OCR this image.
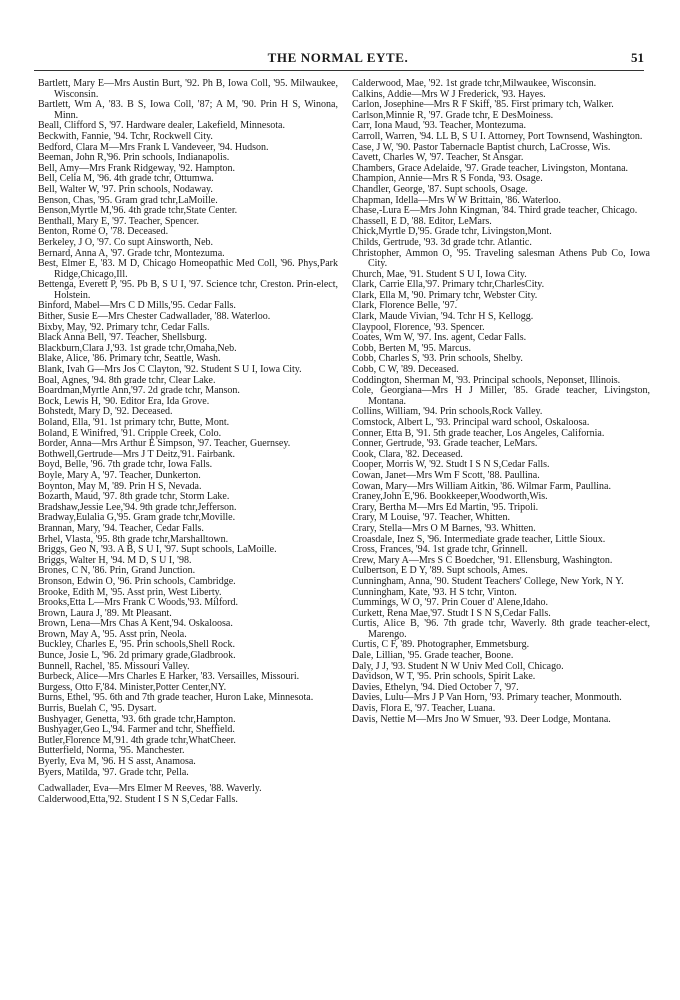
THE NORMAL EYTE.	51

Bartlett, Mary E—Mrs Austin Burt, '92. Ph B, Iowa Coll, '95. Milwaukee, Wisconsin.

Bartlett, Wm A, '83. B S, Iowa Coll, '87; A M, '90. Prin H S, Winona, Minn.

Beall, Clifford S, '97. Hardware dealer, Lakefield, Minnesota.

Beckwith, Fannie, '94. Tchr, Rockwell City.

Bedford, Clara M—Mrs Frank L Vandeveer, '94. Hudson.

Beeman, John R,'96. Prin schools, Indianapolis.

Bell, Amy—Mrs Frank Ridgeway, '92. Hampton.

Bell, Celia M, '96. 4th grade tchr, Ottumwa.

Bell, Walter W, '97. Prin schools, Nodaway.

Benson, Chas, '95. Gram grad tchr,LaMoille.

Benson,Myrtle M,'96. 4th grade tchr,State Center.

Benthall, Mary E, '97. Teacher, Spencer.

Benton, Rome O, '78. Deceased.

Berkeley, J O, '97. Co supt Ainsworth, Neb.

Bernard, Anna A, '97. Grade tchr, Montezuma.

Best, Elmer E, '83. M D, Chicago Homeopathic Med Coll, '96. Phys,Park Ridge,Chicago,Ill.

Bettenga, Everett P, '95. Pb B, S U I, '97. Science tchr, Creston. Prin-elect, Holstein.

Binford, Mabel—Mrs C D Mills,'95. Cedar Falls.

Bither, Susie E—Mrs Chester Cadwallader, '88. Waterloo.

Bixby, May, '92. Primary tchr, Cedar Falls.

Black Anna Bell, '97. Teacher, Shellsburg.

Blackburn,Clara J,'93. 1st grade tchr,Omaha,Neb.

Blake, Alice, '86. Primary tchr, Seattle, Wash.

Blank, Ivah G—Mrs Jos C Clayton, '92. Student S U I, Iowa City.

Boal, Agnes, '94. 8th grade tchr, Clear Lake.

Boardman,Myrtle Ann,'97. 2d grade tchr, Manson.

Bock, Lewis H, '90. Editor Era, Ida Grove.

Bohstedt, Mary D, '92. Deceased.

Boland, Ella, '91. 1st primary tchr, Butte, Mont.

Boland, E Winifred, '91. Cripple Creek, Colo.

Border, Anna—Mrs Arthur E Simpson, '97. Teacher, Guernsey.

Bothwell,Gertrude—Mrs J T Deitz,'91. Fairbank.

Boyd, Belle, '96. 7th grade tchr, Iowa Falls.

Boyle, Mary A, '97. Teacher, Dunkerton.

Boynton, May M, '89. Prin H S, Nevada.

Bozarth, Maud, '97. 8th grade tchr, Storm Lake.

Bradshaw,Jessie Lee,'94. 9th grade tchr,Jefferson.

Bradway,Eulalia G,'95. Gram grade tchr,Moville.

Brannan, Mary, '94. Teacher, Cedar Falls.

Brhel, Vlasta, '95. 8th grade tchr,Marshalltown.

Briggs, Geo N, '93. A B, S U I, '97. Supt schools, LaMoille.

Briggs, Walter H, '94. M D, S U I, '98.

Brones, C N, '86. Prin, Grand Junction.

Bronson, Edwin O, '96. Prin schools, Cambridge.

Brooke, Edith M, '95. Asst prin, West Liberty.

Brooks,Etta L—Mrs Frank C Woods,'93. Milford.

Brown, Laura J, '89. Mt Pleasant.

Brown, Lena—Mrs Chas A Kent,'94. Oskaloosa.

Brown, May A, '95. Asst prin, Neola.

Buckley, Charles E, '95. Prin schools,Shell Rock.

Bunce, Josie L, '96. 2d primary grade,Gladbrook.

Bunnell, Rachel, '85. Missouri Valley.

Burbeck, Alice—Mrs Charles E Harker, '83. Versailles, Missouri.

Burgess, Otto F,'84. Minister,Potter Center,NY.

Burns, Ethel, '95. 6th and 7th grade teacher, Huron Lake, Minnesota.

Burris, Buelah C, '95. Dysart.

Bushyager, Genetta, '93. 6th grade tchr,Hampton.

Bushyager,Geo L,'94. Farmer and tchr, Sheffield.

Butler,Florence M,'91. 4th grade tchr,WhatCheer.

Butterfield, Norma, '95. Manchester.

Byerly, Eva M, '96. H S asst, Anamosa.

Byers, Matilda, '97. Grade tchr, Pella.

Cadwallader, Eva—Mrs Elmer M Reeves, '88. Waverly.

Calderwood,Etta,'92. Student I S N S,Cedar Falls.

Calderwood, Mae, '92. 1st grade tchr,Milwaukee, Wisconsin.

Calkins, Addie—Mrs W J Frederick, '93. Hayes.

Carlon, Josephine—Mrs R F Skiff, '85. First primary tch, Walker.

Carlson,Minnie R, '97. Grade tchr, E DesMoiness.

Carr, Iona Maud, '93. Teacher, Montezuma.

Carroll, Warren, '94. LL B, S U I. Attorney, Port Townsend, Washington.

Case, J W, '90. Pastor Tabernacle Baptist church, LaCrosse, Wis.

Cavett, Charles W, '97. Teacher, St Ansgar.

Chambers, Grace Adelaide, '97. Grade teacher, Livingston, Montana.

Champion, Annie—Mrs R S Fonda, '93. Osage.

Chandler, George, '87. Supt schools, Osage.

Chapman, Idella—Mrs W W Brittain, '86. Waterloo.

Chase,-Lura E—Mrs John Kingman, '84. Third grade teacher, Chicago.

Chassell, E D, '88. Editor, LeMars.

Chick,Myrtle D,'95. Grade tchr, Livingston,Mont.

Childs, Gertrude, '93. 3d grade tchr. Atlantic.

Christopher, Ammon O, '95. Traveling salesman Athens Pub Co, Iowa City.

Church, Mae, '91. Student S U I, Iowa City.

Clark, Carrie Ella,'97. Primary tchr,CharlesCity.

Clark, Ella M, '90. Primary tchr, Webster City.

Clark, Florence Belle, '97.

Clark, Maude Vivian, '94. Tchr H S, Kellogg.

Claypool, Florence, '93. Spencer.

Coates, Wm W, '97. Ins. agent, Cedar Falls.

Cobb, Berten M, '95. Marcus.

Cobb, Charles S, '93. Prin schools, Shelby.

Cobb, C W, '89. Deceased.

Coddington, Sherman M, '93. Principal schools, Neponset, Illinois.

Cole, Georgiana—Mrs H J Miller, '85. Grade teacher, Livingston, Montana.

Collins, William, '94. Prin schools,Rock Valley.

Comstock, Albert L, '93. Principal ward school, Oskaloosa.

Conner, Etta B, '91. 5th grade teacher, Los Angeles, California.

Conner, Gertrude, '93. Grade teacher, LeMars.

Cook, Clara, '82. Deceased.

Cooper, Morris W, '92. Studt I S N S,Cedar Falls.

Cowan, Janet—Mrs Wm F Scott, '88. Paullina.

Cowan, Mary—Mrs William Aitkin, '86. Wilmar Farm, Paullina.

Craney,John E,'96. Bookkeeper,Woodworth,Wis.

Crary, Bertha M—Mrs Ed Martin, '95. Tripoli.

Crary, M Louise, '97. Teacher, Whitten.

Crary, Stella—Mrs O M Barnes, '93. Whitten.

Croasdale, Inez S, '96. Intermediate grade teacher, Little Sioux.

Cross, Frances, '94. 1st grade tchr, Grinnell.

Crew, Mary A—Mrs S C Boedcher, '91. Ellensburg, Washington.

Culbertson, E D Y, '89. Supt schools, Ames.

Cunningham, Anna, '90. Student Teachers' College, New York, N Y.

Cunningham, Kate, '93. H S tchr, Vinton.

Cummings, W O, '97. Prin Couer d' Alene,Idaho.

Curkett, Rena Mae,'97. Studt I S N S,Cedar Falls.

Curtis, Alice B, '96. 7th grade tchr, Waverly. 8th grade teacher-elect, Marengo.

Curtis, C F, '89. Photographer, Emmetsburg.

Dale, Lillian, '95. Grade teacher, Boone.

Daly, J J, '93. Student N W Univ Med Coll, Chicago.

Davidson, W T, '95. Prin schools, Spirit Lake.

Davies, Ethelyn, '94. Died October 7, '97.

Davies, Lulu—Mrs J P Van Horn, '93. Primary teacher, Monmouth.

Davis, Flora E, '97. Teacher, Luana.

Davis, Nettie M—Mrs Jno W Smuer, '93. Deer Lodge, Montana.
